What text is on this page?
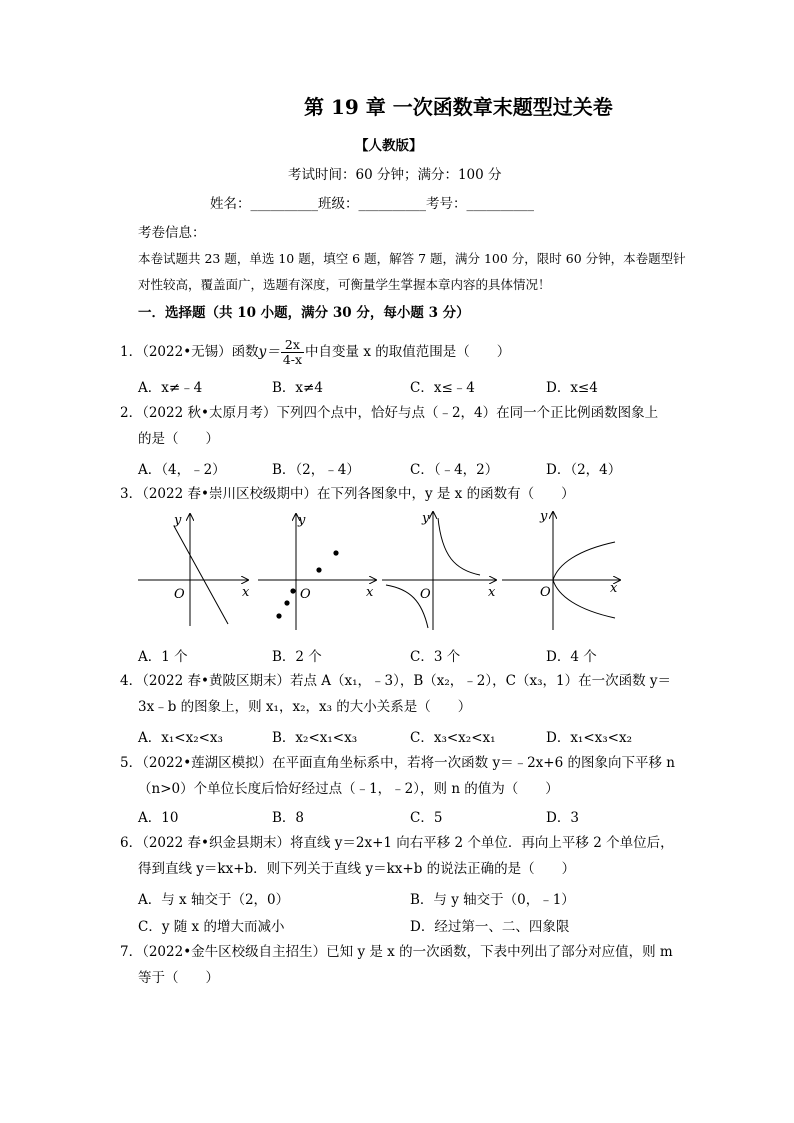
第 19 章 一次函数章末题型过关卷
【人教版】
考试时间：60 分钟；满分：100 分
姓名：__________班级：__________考号：__________
考卷信息：
本卷试题共 23 题，单选 10 题，填空 6 题，解答 7 题，满分 100 分，限时 60 分钟，本卷题型针
对性较高，覆盖面广，选题有深度，可衡量学生掌握本章内容的具体情况！
一．选择题（共 10 小题，满分 30 分，每小题 3 分）
1．（2022•无锡）函数$y= \frac{2x}{4-x}$ 中自变量 x 的取值范围是（　　）
A．x≠﹣4	B．x≠4	C．x≤﹣4	D．x≤4
2．（2022 秋•太原月考）下列四个点中，恰好与点（﹣2，4）在同一个正比例函数图象上
的是（　　）
A．（4，﹣2）	B．（2，﹣4）	C．（﹣4，2）	D．（2，4）
3．（2022 春•崇川区校级期中）在下列各图象中，y 是 x 的函数有（　　）
x
y
O	x
y
O	x
y
O	x
y
O
A．1 个	B．2 个	C．3 个	D．4 个
4．（2022 春•黄陂区期末）若点 A（x₁，﹣3），B（x₂，﹣2），C（x₃，1）在一次函数 y＝
3x﹣b 的图象上，则 x₁，x₂，x₃ 的大小关系是（　　）
A．x₁<x₂<x₃	B．x₂<x₁<x₃	C．x₃<x₂<x₁	D．x₁<x₃<x₂
5．（2022•莲湖区模拟）在平面直角坐标系中，若将一次函数 y＝﹣2x+6 的图象向下平移 n
（n>0）个单位长度后恰好经过点（﹣1，﹣2），则 n 的值为（　　）
A．10	B．8	C．5	D．3
6．（2022 春•织金县期末）将直线 y＝2x+1 向右平移 2 个单位．再向上平移 2 个单位后，
得到直线 y＝kx+b．则下列关于直线 y＝kx+b 的说法正确的是（　　）
A．与 x 轴交于（2，0）	B．与 y 轴交于（0，﹣1）
C．y 随 x 的增大而减小	D．经过第一、二、四象限
7．（2022•金牛区校级自主招生）已知 y 是 x 的一次函数，下表中列出了部分对应值，则 m
等于（　　）
